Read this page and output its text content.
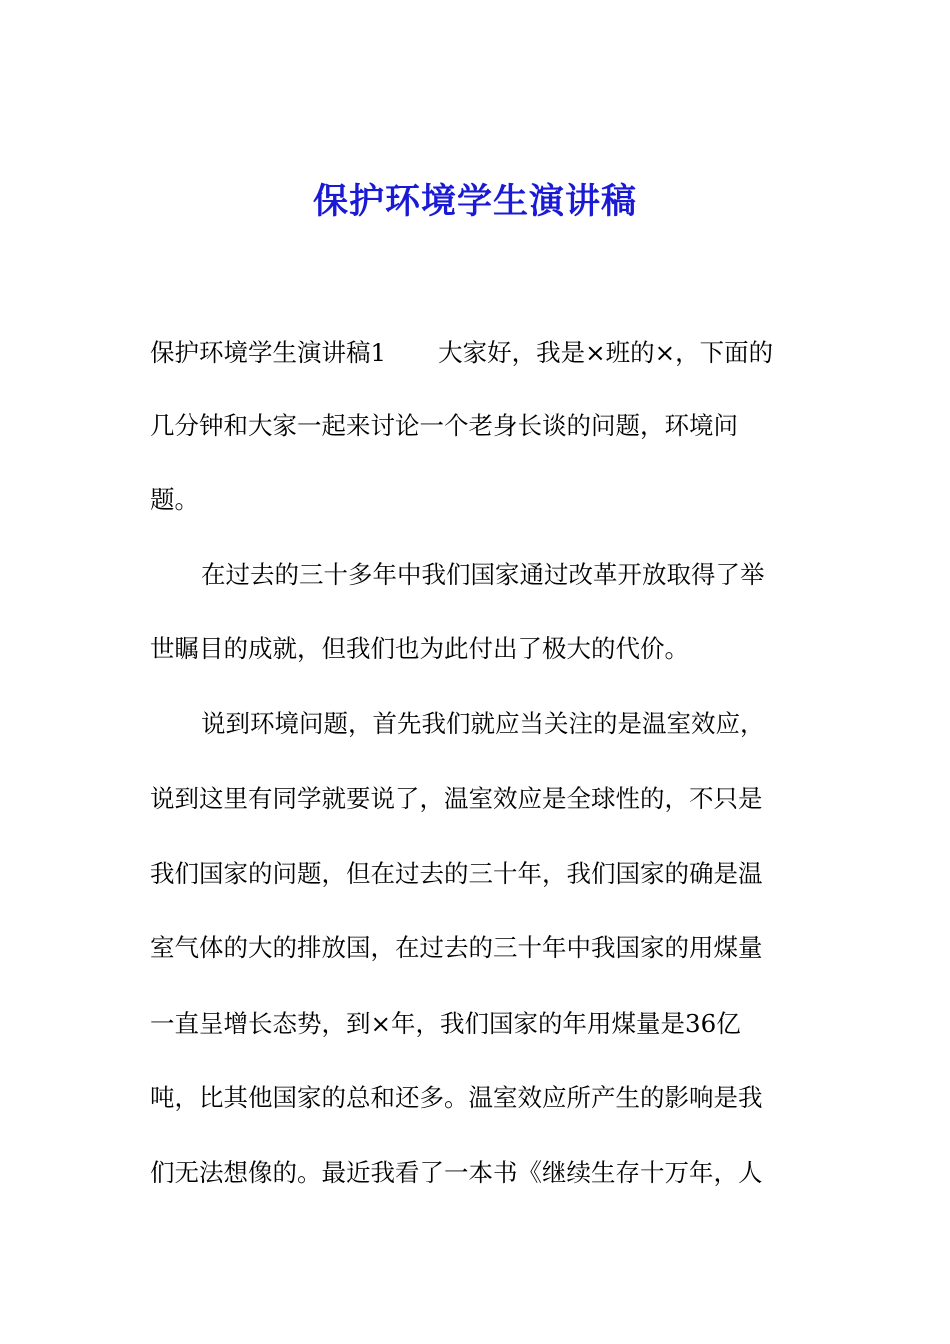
保护环境学生演讲稿

保护环境学生演讲稿1 大家好，我是×班的×，下面的

几分钟和大家一起来讨论一个老身长谈的问题，环境问

题。

在过去的三十多年中我们国家通过改革开放取得了举

世瞩目的成就，但我们也为此付出了极大的代价。

说到环境问题，首先我们就应当关注的是温室效应，

说到这里有同学就要说了，温室效应是全球性的，不只是

我们国家的问题，但在过去的三十年，我们国家的确是温

室气体的大的排放国，在过去的三十年中我国家的用煤量

一直呈增长态势，到×年，我们国家的年用煤量是36亿

吨，比其他国家的总和还多。温室效应所产生的影响是我

们无法想像的。最近我看了一本书《继续生存十万年，人
